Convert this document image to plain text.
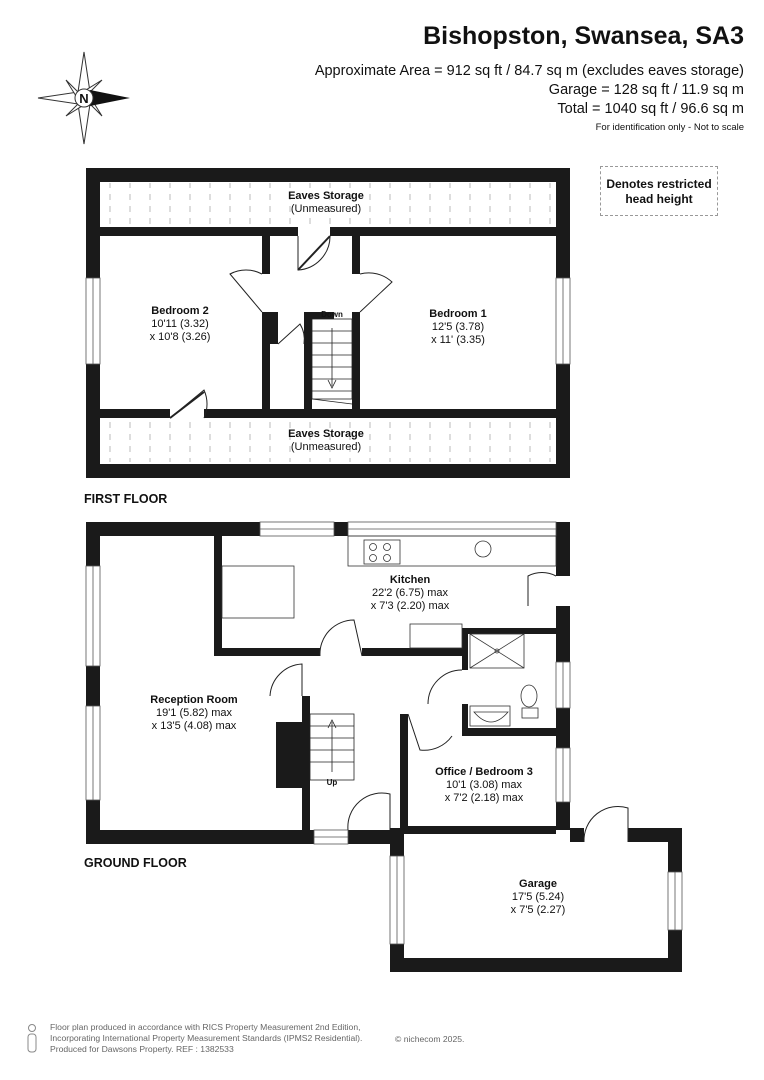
Bishopston, Swansea, SA3
Approximate Area = 912 sq ft / 84.7 sq m (excludes eaves storage)
Garage = 128 sq ft / 11.9 sq m
Total = 1040 sq ft / 96.6 sq m
For identification only - Not to scale
N
Denotes restricted
head height
Eaves Storage
(Unmeasured)
Eaves Storage
(Unmeasured)
Bedroom 2
10'11 (3.32)
x 10'8 (3.26)
Bedroom 1
12'5 (3.78)
x 11' (3.35)
Down
FIRST FLOOR
Kitchen
22'2 (6.75) max
x 7'3 (2.20) max
Reception Room
19'1 (5.82) max
x 13'5 (4.08) max
Office / Bedroom 3
10'1 (3.08) max
x 7'2 (2.18) max
Garage
17'5 (5.24)
x 7'5 (2.27)
Up
GROUND FLOOR
Floor plan produced in accordance with RICS Property Measurement 2nd Edition,
Incorporating International Property Measurement Standards (IPMS2 Residential).
Produced for Dawsons Property. REF : 1382533
© nichecom 2025.
